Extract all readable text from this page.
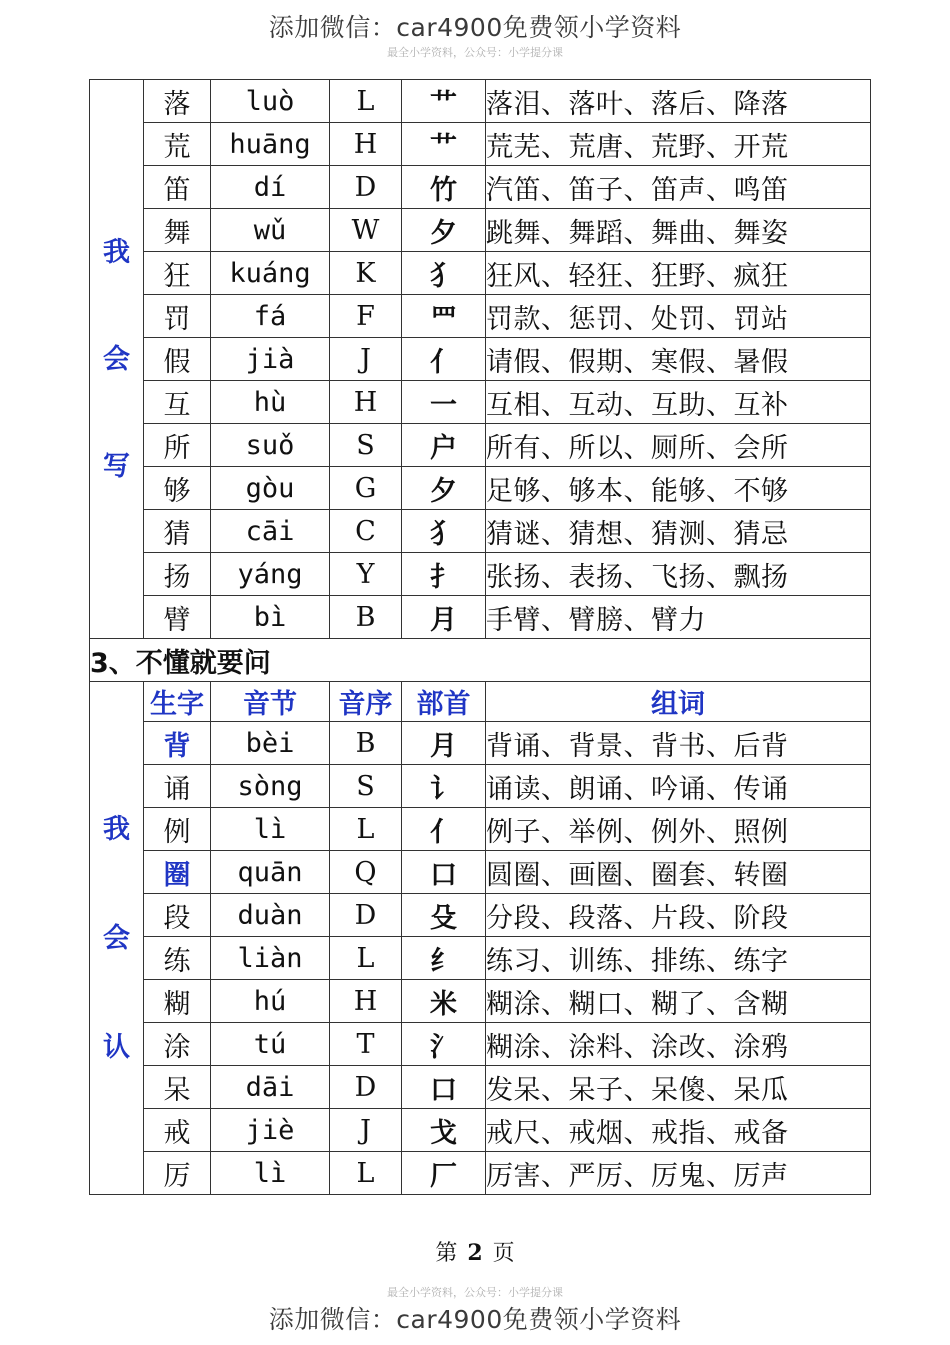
添加微信：car4900免费领小学资料
最全小学资料，公众号：小学提分课
我
会
写	落	luò	L	艹	落泪、落叶、落后、降落
	荒	huāng	H	艹	荒芜、荒唐、荒野、开荒
	笛	dí	D	竹	汽笛、笛子、笛声、鸣笛
	舞	wǔ	W	夕	跳舞、舞蹈、舞曲、舞姿
	狂	kuáng	K	犭	狂风、轻狂、狂野、疯狂
	罚	fá	F	罒	罚款、惩罚、处罚、罚站
	假	jià	J	亻	请假、假期、寒假、暑假
	互	hù	H	一	互相、互动、互助、互补
	所	suǒ	S	户	所有、所以、厕所、会所
	够	gòu	G	夕	足够、够本、能够、不够
	猜	cāi	C	犭	猜谜、猜想、猜测、猜忌
	扬	yáng	Y	扌	张扬、表扬、飞扬、飘扬
	臂	bì	B	月	手臂、臂膀、臂力
3、不懂就要问					

我
会
认	生字	音节	音序	部首	组词
	背	bèi	B	月	背诵、背景、背书、后背
	诵	sòng	S	讠	诵读、朗诵、吟诵、传诵
	例	lì	L	亻	例子、举例、例外、照例
	圈	quān	Q	口	圆圈、画圈、圈套、转圈
	段	duàn	D	殳	分段、段落、片段、阶段
	练	liàn	L	纟	练习、训练、排练、练字
	糊	hú	H	米	糊涂、糊口、糊了、含糊
	涂	tú	T	氵	糊涂、涂料、涂改、涂鸦
	呆	dāi	D	口	发呆、呆子、呆傻、呆瓜
	戒	jiè	J	戈	戒尺、戒烟、戒指、戒备
	厉	lì	L	厂	厉害、严厉、厉鬼、厉声
第 2 页
最全小学资料，公众号：小学提分课
添加微信：car4900免费领小学资料
